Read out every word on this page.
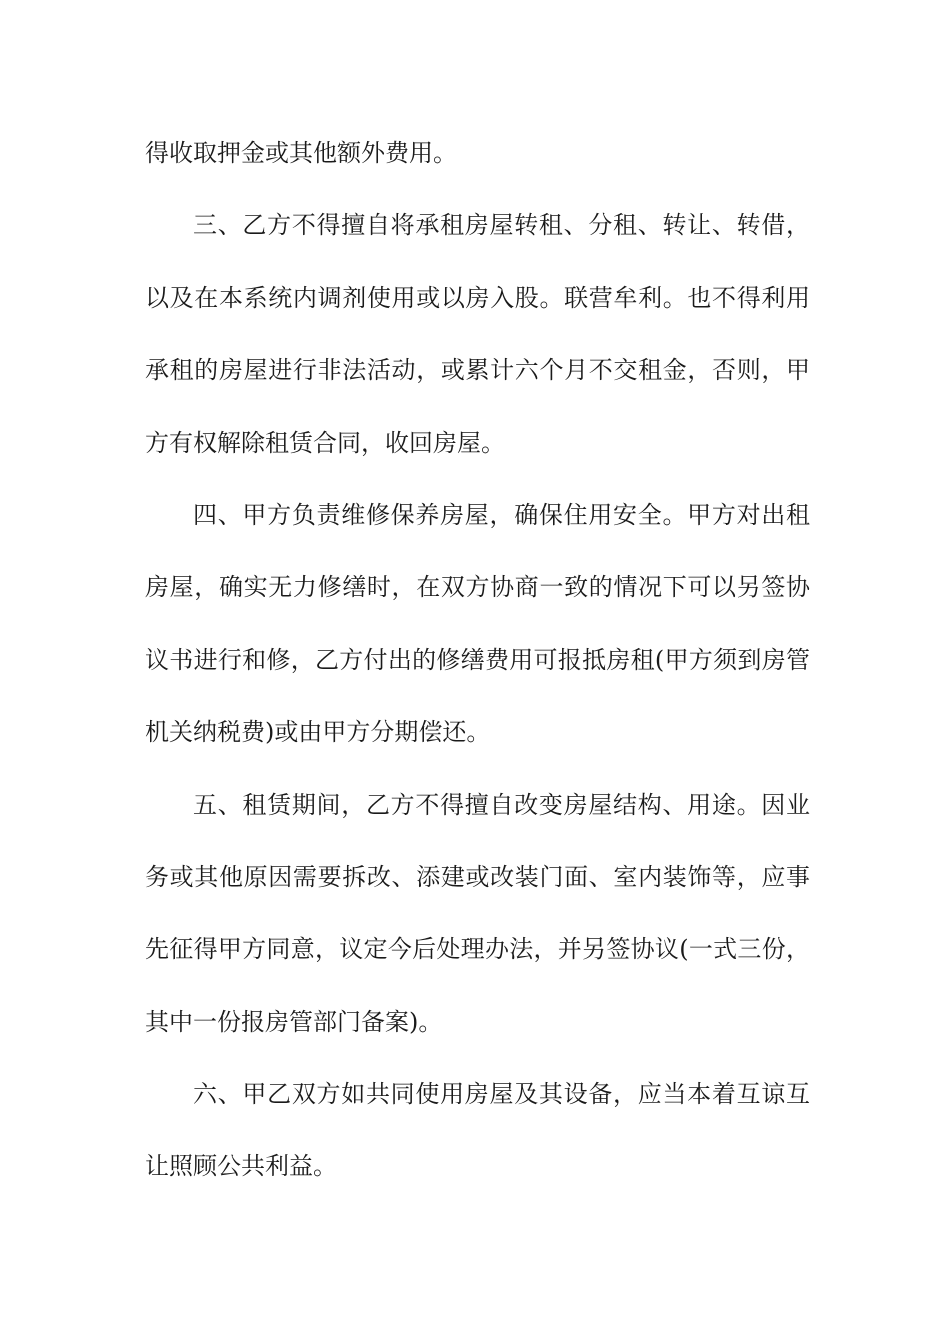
得收取押金或其他额外费用。
三、乙方不得擅自将承租房屋转租、分租、转让、转借，
以及在本系统内调剂使用或以房入股。联营牟利。也不得利用
承租的房屋进行非法活动，或累计六个月不交租金，否则，甲
方有权解除租赁合同，收回房屋。
四、甲方负责维修保养房屋，确保住用安全。甲方对出租
房屋，确实无力修缮时，在双方协商一致的情况下可以另签协
议书进行和修，乙方付出的修缮费用可报抵房租(甲方须到房管
机关纳税费)或由甲方分期偿还。
五、租赁期间，乙方不得擅自改变房屋结构、用途。因业
务或其他原因需要拆改、添建或改装门面、室内装饰等，应事
先征得甲方同意，议定今后处理办法，并另签协议(一式三份，
其中一份报房管部门备案)。
六、甲乙双方如共同使用房屋及其设备，应当本着互谅互
让照顾公共利益。
